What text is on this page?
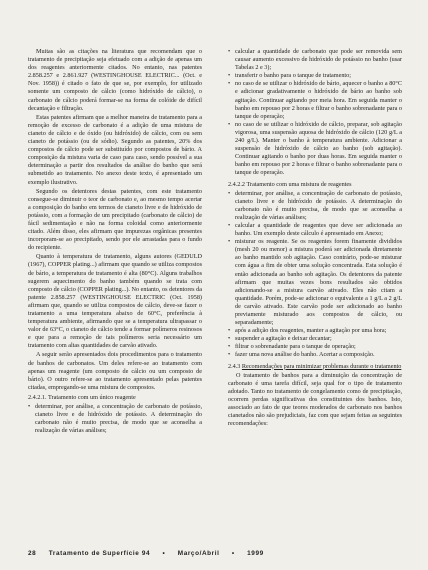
Muitas são as citações na literatura que recomendam que o tratamento de precipitação seja efetuado com a adição de apenas um dos reagentes anteriormente citados. No entanto, nas patentes 2.858.257 e 2.861.927 (WESTINGHOUSE ELECTRIC... (Oct. e Nov. 1958)) é citado o fato de que se, por exemplo, for utilizado somente um composto de cálcio (como hidróxido de cálcio), o carbonato de cálcio poderá formar-se na forma de colóide de difícil decantação e filtração.

Estas patentes afirmam que a melhor maneira de tratamento para a remoção de excesso de carbonato é a adição de uma mistura de cianeto de cálcio e de óxido (ou hidróxido) de cálcio, com ou sem cianeto de potássio (ou de sódio). Segundo as patentes, 20% dos compostos de cálcio pode ser substituído por compostos de bário. A composição da mistura varia de caso para caso, sendo possível a sua determinação a partir dos resultados da análise do banho que será submetido ao tratamento. No anexo deste texto, é apresentado um exemplo ilustrativo.

Segundo os detentores destas patentes, com este tratamento consegue-se diminuir o teor de carbonato e, ao mesmo tempo acertar a composição do banho em termos de cianeto livre e de hidróxido de potássio, com a formação de um precipitado (carbonato de cálcio) de fácil sedimentação e não na forma coloidal como anteriormente citado. Além disso, eles afirmam que impurezas orgânicas presentes incorporam-se ao precipitado, sendo por ele arrastadas para o fundo do recipiente.

Quanto à temperatura de tratamento, alguns autores (GEDULD (1967), COPPER plating...) afirmam que quando se utiliza compostos de bário, a temperatura de tratamento é alta (80°C). Alguns trabalhos sugerem aquecimento do banho também quando se trata com composto de cálcio (COPPER plating...). No entanto, os detentores da patente 2.858.257 (WESTINGHOUSE ELECTRIC (Oct. 1958) afirmam que, quando se utiliza compostos de cálcio, deve-se fazer o tratamento a uma temperatura abaixo de 60°C, preferência à temperatura ambiente, afirmando que se a temperatura ultrapassar o valor de 63°C, o cianeto de cálcio tende a formar polímeros resinosos e que para a remoção de tais polímeros seria necessário um tratamento com altas quantidades de carvão ativado.

A seguir serão apresentados dois procedimentos para o tratamento de banhos de carbonatos. Um deles refere-se ao tratamento com apenas um reagente (um composto de cálcio ou um composto de bário). O outro refere-se ao tratamento apresentado pelas patentes citadas, empregando-se uma mistura de compostos.

2.4.2.1. Tratamento com um único reagente

• determinar, por análise, a concentração de carbonato de potássio, cianeto livre e de hidróxido de potássio. A determinação do carbonato não é muito precisa, de modo que se aconselha a realização de várias análises;
• calcular a quantidade de carbonato que pode ser removida sem causar aumento excessivo de hidróxido de potássio no banho (usar Tabelas 2 e 3);
• transferir o banho para o tanque de tratamento;
• no caso de se utilizar o hidróxido de bário, aquecer o banho a 80°C e adicionar gradativamente o hidróxido de bário ao banho sob agitação. Continuar agitando por meia hora. Em seguida manter o banho em repouso por 2 horas e filtrar o banho sobrenadante para o tanque de operação;
• no caso de se utilizar o hidróxido de cálcio, preparar, sob agitação vigorosa, uma suspensão aquosa de hidróxido de cálcio (120 g/L a 240 g/L). Manter o banho à temperatura ambiente. Adicionar a suspensão de hidróxido de cálcio ao banho (sob agitação). Continuar agitando o banho por duas horas. Em seguida manter o banho em repouso por 2 horas e filtrar o banho sobrenadante para o tanque de operação.

2.4.2.2 Tratamento com uma mistura de reagentes

• determinar, por análise, a concentração de carbonato de potássio, cianeto livre e de hidróxido de potássio. A determinação do carbonato não é muito precisa, de modo que se aconselha a realização de várias análises;
• calcular a quantidade de reagentes que deve ser adicionada ao banho. Um exemplo deste cálculo é apresentado em Anexo;
• misturar os reagente. Se os reagentes forem finamente divididos (mesh 20 ou menor) a mistura poderá ser adicionada diretamente ao banho mantido sob agitação. Caso contrário, pode-se misturar com água a fim de obter uma solução concentrada. Esta solução é então adicionada ao banho sob agitação. Os detentores da patente afirmam que muitas vezes bons resultados são obtidos adicionando-se a mistura carvão ativado. Eles não citam a quantidade. Porém, pode-se adicionar o equivalente a 1 g/L a 2 g/L de carvão ativado. Este carvão pode ser adicionado ao banho previamente misturado aos compostos de cálcio, ou separadamente;
• após a adição dos reagentes, manter a agitação por uma hora;
• suspender a agitação e deixar decantar;
• filtrar o sobrenadante para o tanque de operação;
• fazer uma nova análise do banho. Acertar a composição.

2.4.3 Recomendações para minimizar problemas durante o tratamento

O tratamento de banhos para a diminuição da concentração de carbonato é uma tarefa difícil, seja qual for o tipo de tratamento adotado. Tanto no tratamento de congelamento como de precipitação, ocorrem perdas significativas dos constituintes dos banhos. Isto, associado ao fato de que teores moderados de carbonato nos banhos cianetados não são prejudiciais, faz com que sejam feitas as seguintes recomendações:

28 Tratamento de Superfície 94 • Março/Abril • 1999
